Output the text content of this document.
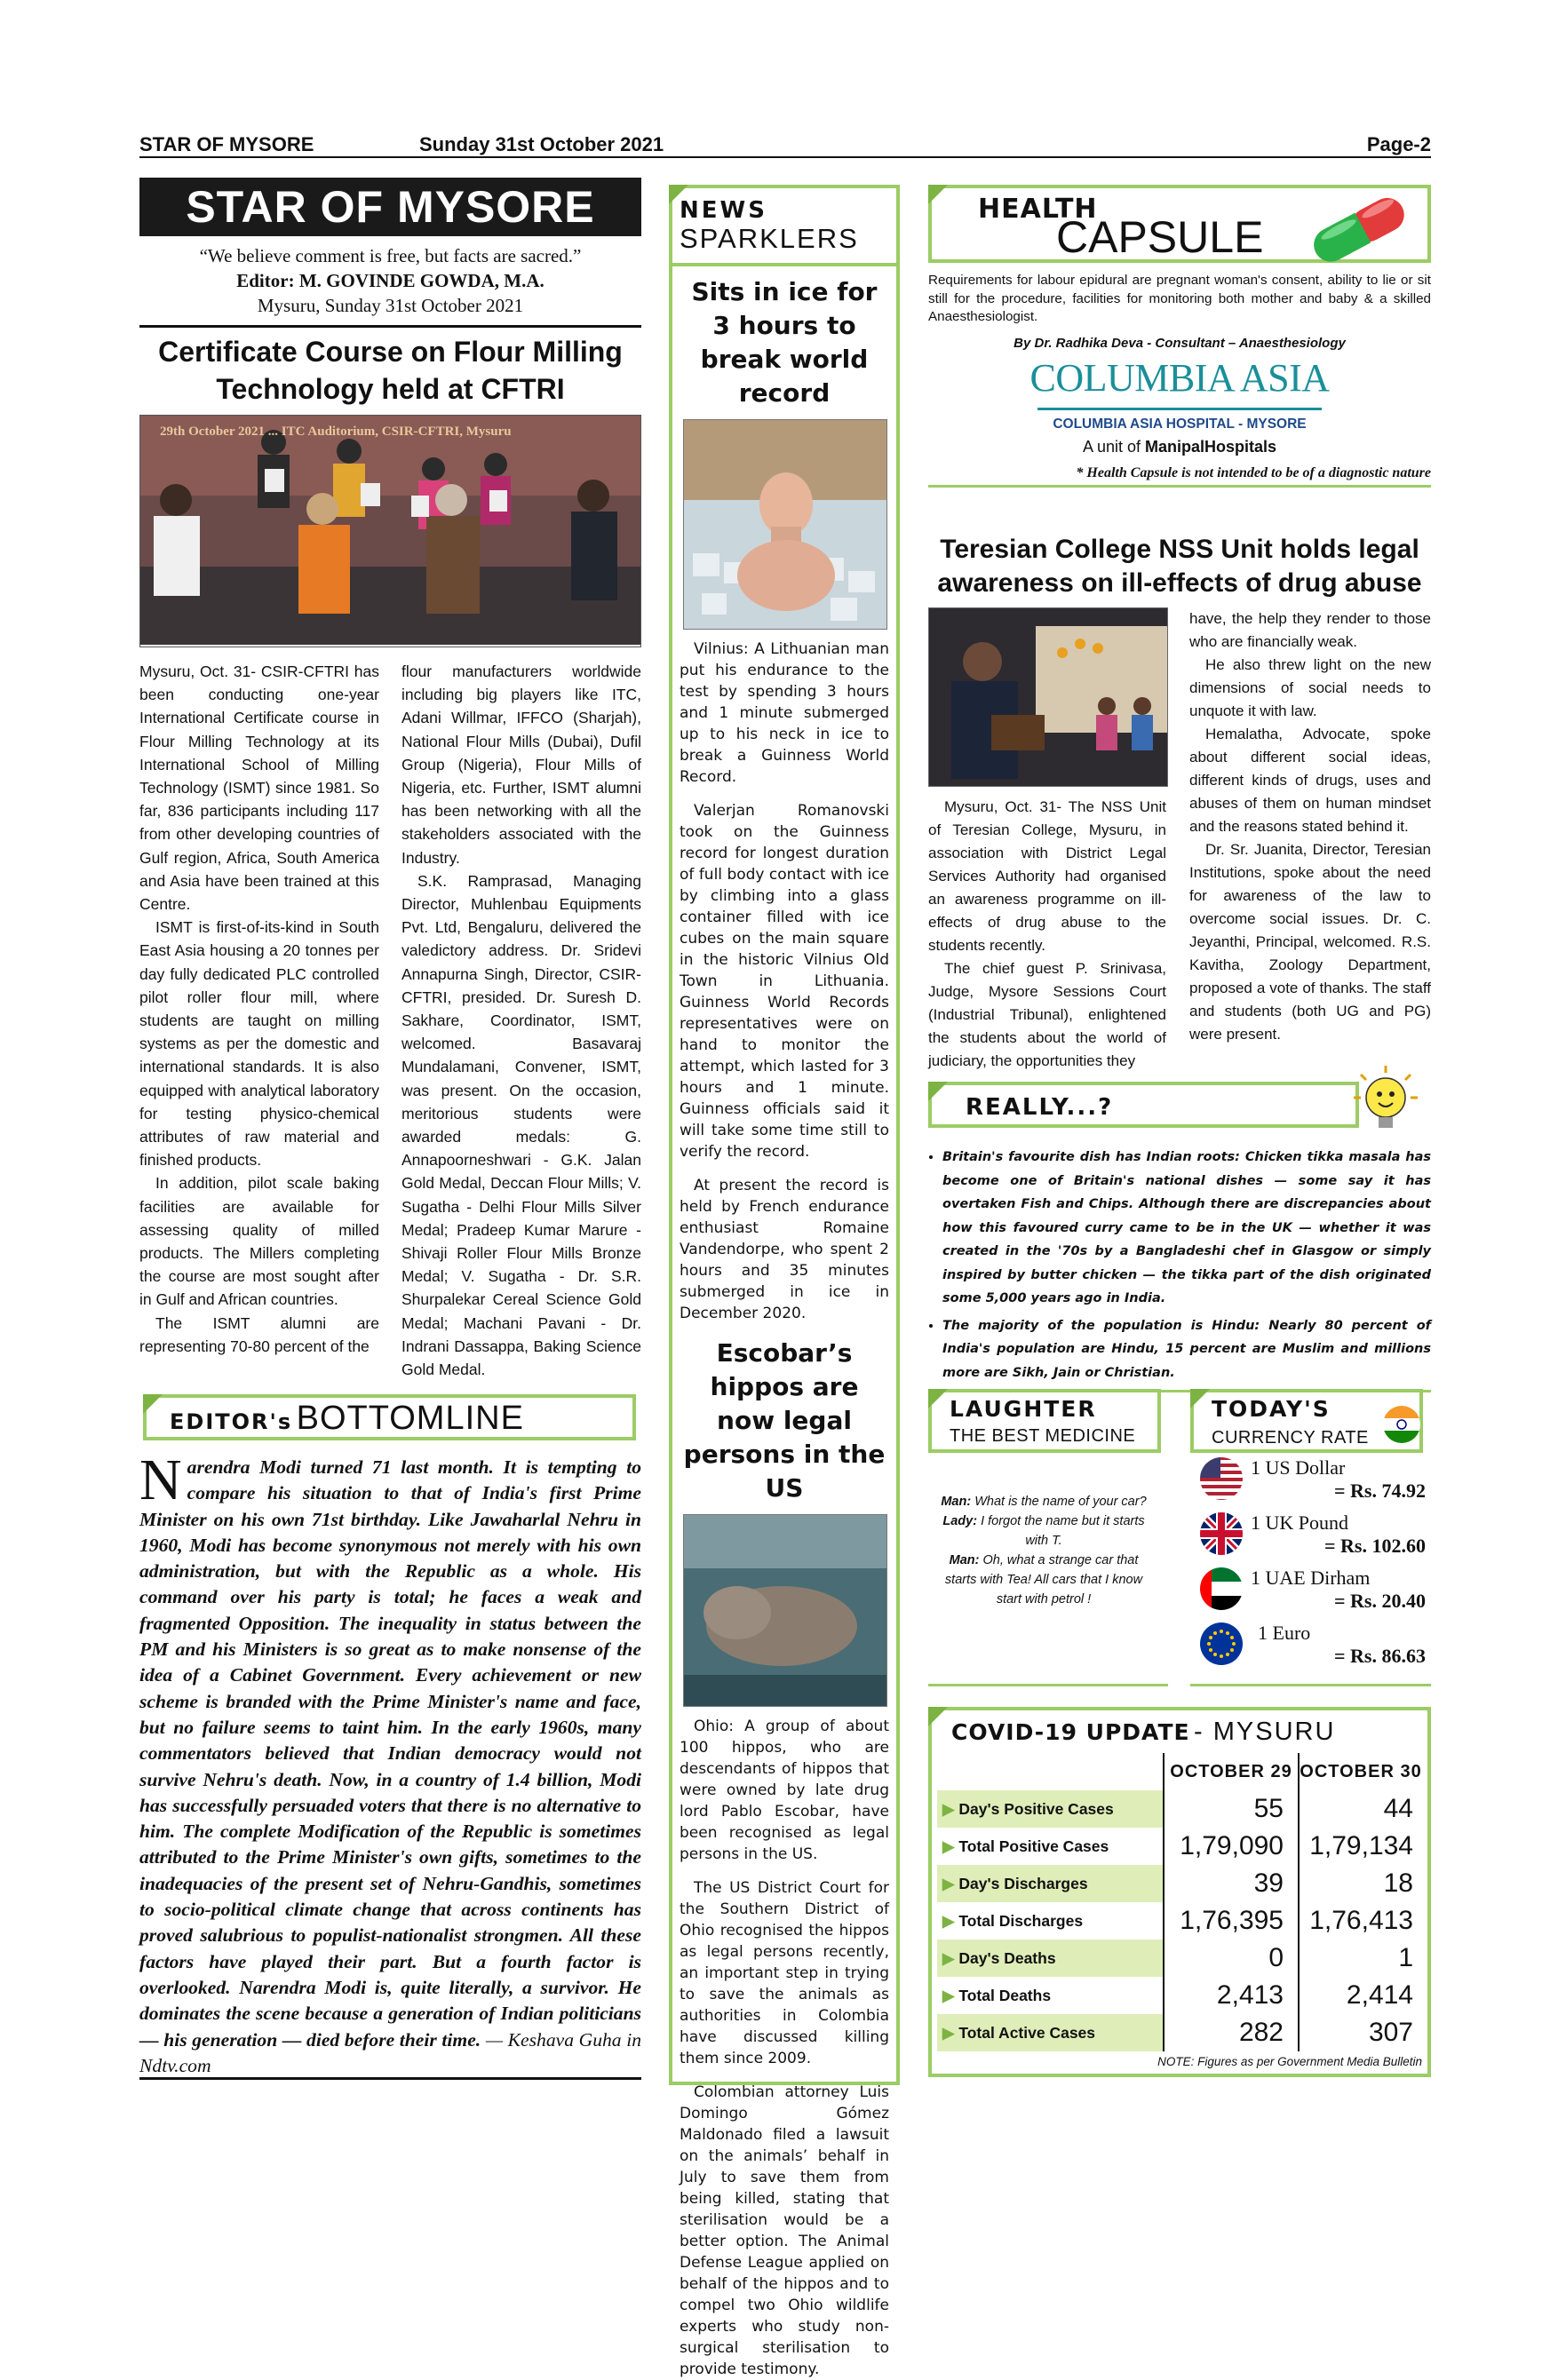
STAR OF MYSORE	Sunday 31st October 2021	Page-2
STAR OF MYSORE
“We believe comment is free, but facts are sacred.”
Editor: M. GOVINDE GOWDA, M.A.
Mysuru, Sunday 31st October 2021
Certificate Course on Flour Milling Technology held at CFTRI
29th October 2021 ... ITC Auditorium, CSIR-CFTRI, Mysuru

Mysuru, Oct. 31- CSIR-CFTRI has been conducting one-year International Certificate course in Flour Milling Technology at its International School of Milling Technology (ISMT) since 1981. So far, 836 participants including 117 from other developing countries of Gulf region, Africa, South America and Asia have been trained at this Centre.

ISMT is first-of-its-kind in South East Asia housing a 20 tonnes per day fully dedicated PLC controlled pilot roller flour mill, where students are taught on milling systems as per the domestic and international standards. It is also equipped with analytical laboratory for testing physico-chemical attributes of raw material and finished products.

In addition, pilot scale baking facilities are available for assessing quality of milled products. The Millers completing the course are most sought after in Gulf and African countries.

The ISMT alumni are representing 70-80 percent of the

flour manufacturers worldwide including big players like ITC, Adani Willmar, IFFCO (Sharjah), National Flour Mills (Dubai), Dufil Group (Nigeria), Flour Mills of Nigeria, etc. Further, ISMT alumni has been networking with all the stakeholders associated with the Industry.

S.K. Ramprasad, Managing Director, Muhlenbau Equipments Pvt. Ltd, Bengaluru, delivered the valedictory address. Dr. Sridevi Annapurna Singh, Director, CSIR-CFTRI, presided. Dr. Suresh D. Sakhare, Coordinator, ISMT, welcomed. Basavaraj Mundalamani, Convener, ISMT, was present. On the occasion, meritorious students were awarded medals: G. Annapoorneshwari - G.K. Jalan Gold Medal, Deccan Flour Mills; V. Sugatha - Delhi Flour Mills Silver Medal; Pradeep Kumar Marure - Shivaji Roller Flour Mills Bronze Medal; V. Sugatha - Dr. S.R. Shurpalekar Cereal Science Gold Medal; Machani Pavani - Dr. Indrani Dassappa, Baking Science Gold Medal.

EDITOR's BOTTOMLINE
Narendra Modi turned 71 last month. It is tempting to compare his situation to that of India's first Prime Minister on his own 71st birthday. Like Jawaharlal Nehru in 1960, Modi has become synonymous not merely with his own administration, but with the Republic as a whole. His command over his party is total; he faces a weak and fragmented Opposition. The inequality in status between the PM and his Ministers is so great as to make nonsense of the idea of a Cabinet Government. Every achievement or new scheme is branded with the Prime Minister's name and face, but no failure seems to taint him. In the early 1960s, many commentators believed that Indian democracy would not survive Nehru's death. Now, in a country of 1.4 billion, Modi has successfully persuaded voters that there is no alternative to him. The complete Modification of the Republic is sometimes attributed to the Prime Minister's own gifts, sometimes to the inadequacies of the present set of Nehru-Gandhis, sometimes to socio-political climate change that across continents has proved salubrious to populist-nationalist strongmen. All these factors have played their part. But a fourth factor is overlooked. Narendra Modi is, quite literally, a survivor. He dominates the scene because a generation of Indian politicians — his generation — died before their time. — Keshava Guha in Ndtv.com
NEWS
SPARKLERS
Sits in ice for 3 hours to break world record

Vilnius: A Lithuanian man put his endurance to the test by spending 3 hours and 1 minute submerged up to his neck in ice to break a Guinness World Record.

Valerjan Romanovski took on the Guinness record for longest duration of full body contact with ice by climbing into a glass container filled with ice cubes on the main square in the historic Vilnius Old Town in Lithuania. Guinness World Records representatives were on hand to monitor the attempt, which lasted for 3 hours and 1 minute. Guinness officials said it will take some time still to verify the record.

At present the record is held by French endurance enthusiast Romaine Vandendorpe, who spent 2 hours and 35 minutes submerged in ice in December 2020.

Escobar’s hippos are now legal persons in the US

Ohio: A group of about 100 hippos, who are descendants of hippos that were owned by late drug lord Pablo Escobar, have been recognised as legal persons in the US.

The US District Court for the Southern District of Ohio recognised the hippos as legal persons recently, an important step in trying to save the animals as authorities in Colombia have discussed killing them since 2009.

Colombian attorney Luis Domingo Gómez Maldonado filed a lawsuit on the animals’ behalf in July to save them from being killed, stating that sterilisation would be a better option. The Animal Defense League applied on behalf of the hippos and to compel two Ohio wildlife experts who study non-surgical sterilisation to provide testimony.

HEALTH
CAPSULE
Requirements for labour epidural are pregnant woman's consent, ability to lie or sit still for the procedure, facilities for monitoring both mother and baby & a skilled Anaesthesiologist.
By Dr. Radhika Deva - Consultant – Anaesthesiology
COLUMBIA ASIA
COLUMBIA ASIA HOSPITAL - MYSORE
A unit of ManipalHospitals
* Health Capsule is not intended to be of a diagnostic nature
Teresian College NSS Unit holds legal awareness on ill-effects of drug abuse

Mysuru, Oct. 31- The NSS Unit of Teresian College, Mysuru, in association with District Legal Services Authority had organised an awareness programme on ill-effects of drug abuse to the students recently.

The chief guest P. Srinivasa, Judge, Mysore Sessions Court (Industrial Tribunal), enlightened the students about the world of judiciary, the opportunities they

have, the help they render to those who are financially weak.

He also threw light on the new dimensions of social needs to unquote it with law.

Hemalatha, Advocate, spoke about different social ideas, different kinds of drugs, uses and abuses of them on human mindset and the reasons stated behind it.

Dr. Sr. Juanita, Director, Teresian Institutions, spoke about the need for awareness of the law to overcome social issues. Dr. C. Jeyanthi, Principal, welcomed. R.S. Kavitha, Zoology Department, proposed a vote of thanks. The staff and students (both UG and PG) were present.

REALLY...?
• Britain's favourite dish has Indian roots: Chicken tikka masala has become one of Britain's national dishes — some say it has overtaken Fish and Chips. Although there are discrepancies about how this favoured curry came to be in the UK — whether it was created in the '70s by a Bangladeshi chef in Glasgow or simply inspired by butter chicken — the tikka part of the dish originated some 5,000 years ago in India.
• The majority of the population is Hindu: Nearly 80 percent of India's population are Hindu, 15 percent are Muslim and millions more are Sikh, Jain or Christian.
LAUGHTER
THE BEST MEDICINE
Man: What is the name of your car?
Lady: I forgot the name but it starts with T.
Man: Oh, what a strange car that starts with Tea! All cars that I know start with petrol !
TODAY'S
CURRENCY RATE
1 US Dollar
= Rs. 74.92
1 UK Pound
= Rs. 102.60
1 UAE Dirham
= Rs. 20.40
1 Euro
= Rs. 86.63
COVID-19 UPDATE - MYSURU
	OCTOBER 29	OCTOBER 30
▶ Day's Positive Cases	55	44
▶ Total Positive Cases	1,79,090	1,79,134
▶ Day's Discharges	39	18
▶ Total Discharges	1,76,395	1,76,413
▶ Day's Deaths	0	1
▶ Total Deaths	2,413	2,414
▶ Total Active Cases	282	307
NOTE: Figures as per Government Media Bulletin
